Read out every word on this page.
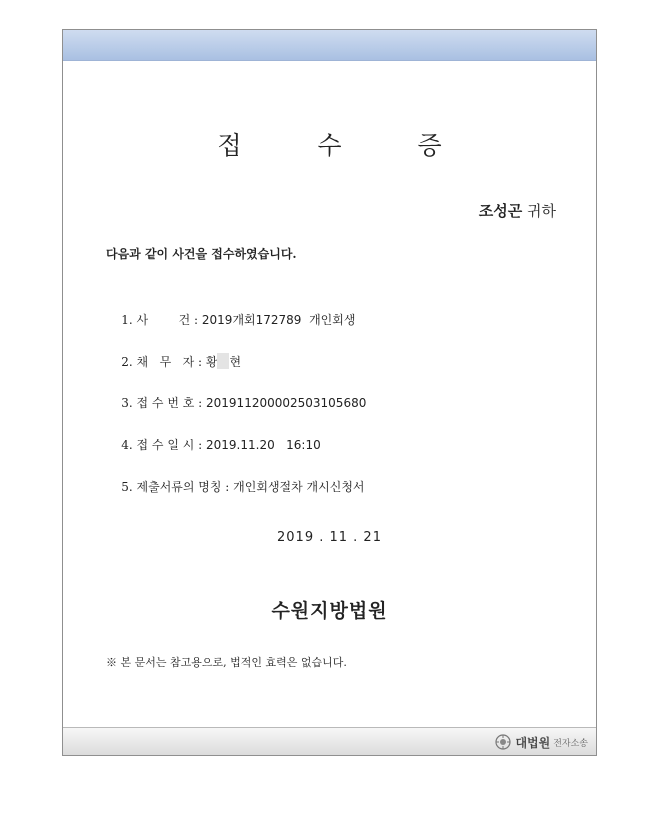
접 수 증
조성곤 귀하
다음과 같이 사건을 접수하였습니다.

1. 사        건 : 2019개회172789  개인회생

2. 채   무   자 : 황 현

3. 접 수 번 호 : 20191120000250310568​0

4. 접 수 일 시 : 2019.11.20   16:10

5. 제출서류의 명칭 : 개인회생절차 개시신청서

2019 . 11 . 21
수원지방법원
※ 본 문서는 참고용으로, 법적인 효력은 없습니다.
대법원 전자소송
